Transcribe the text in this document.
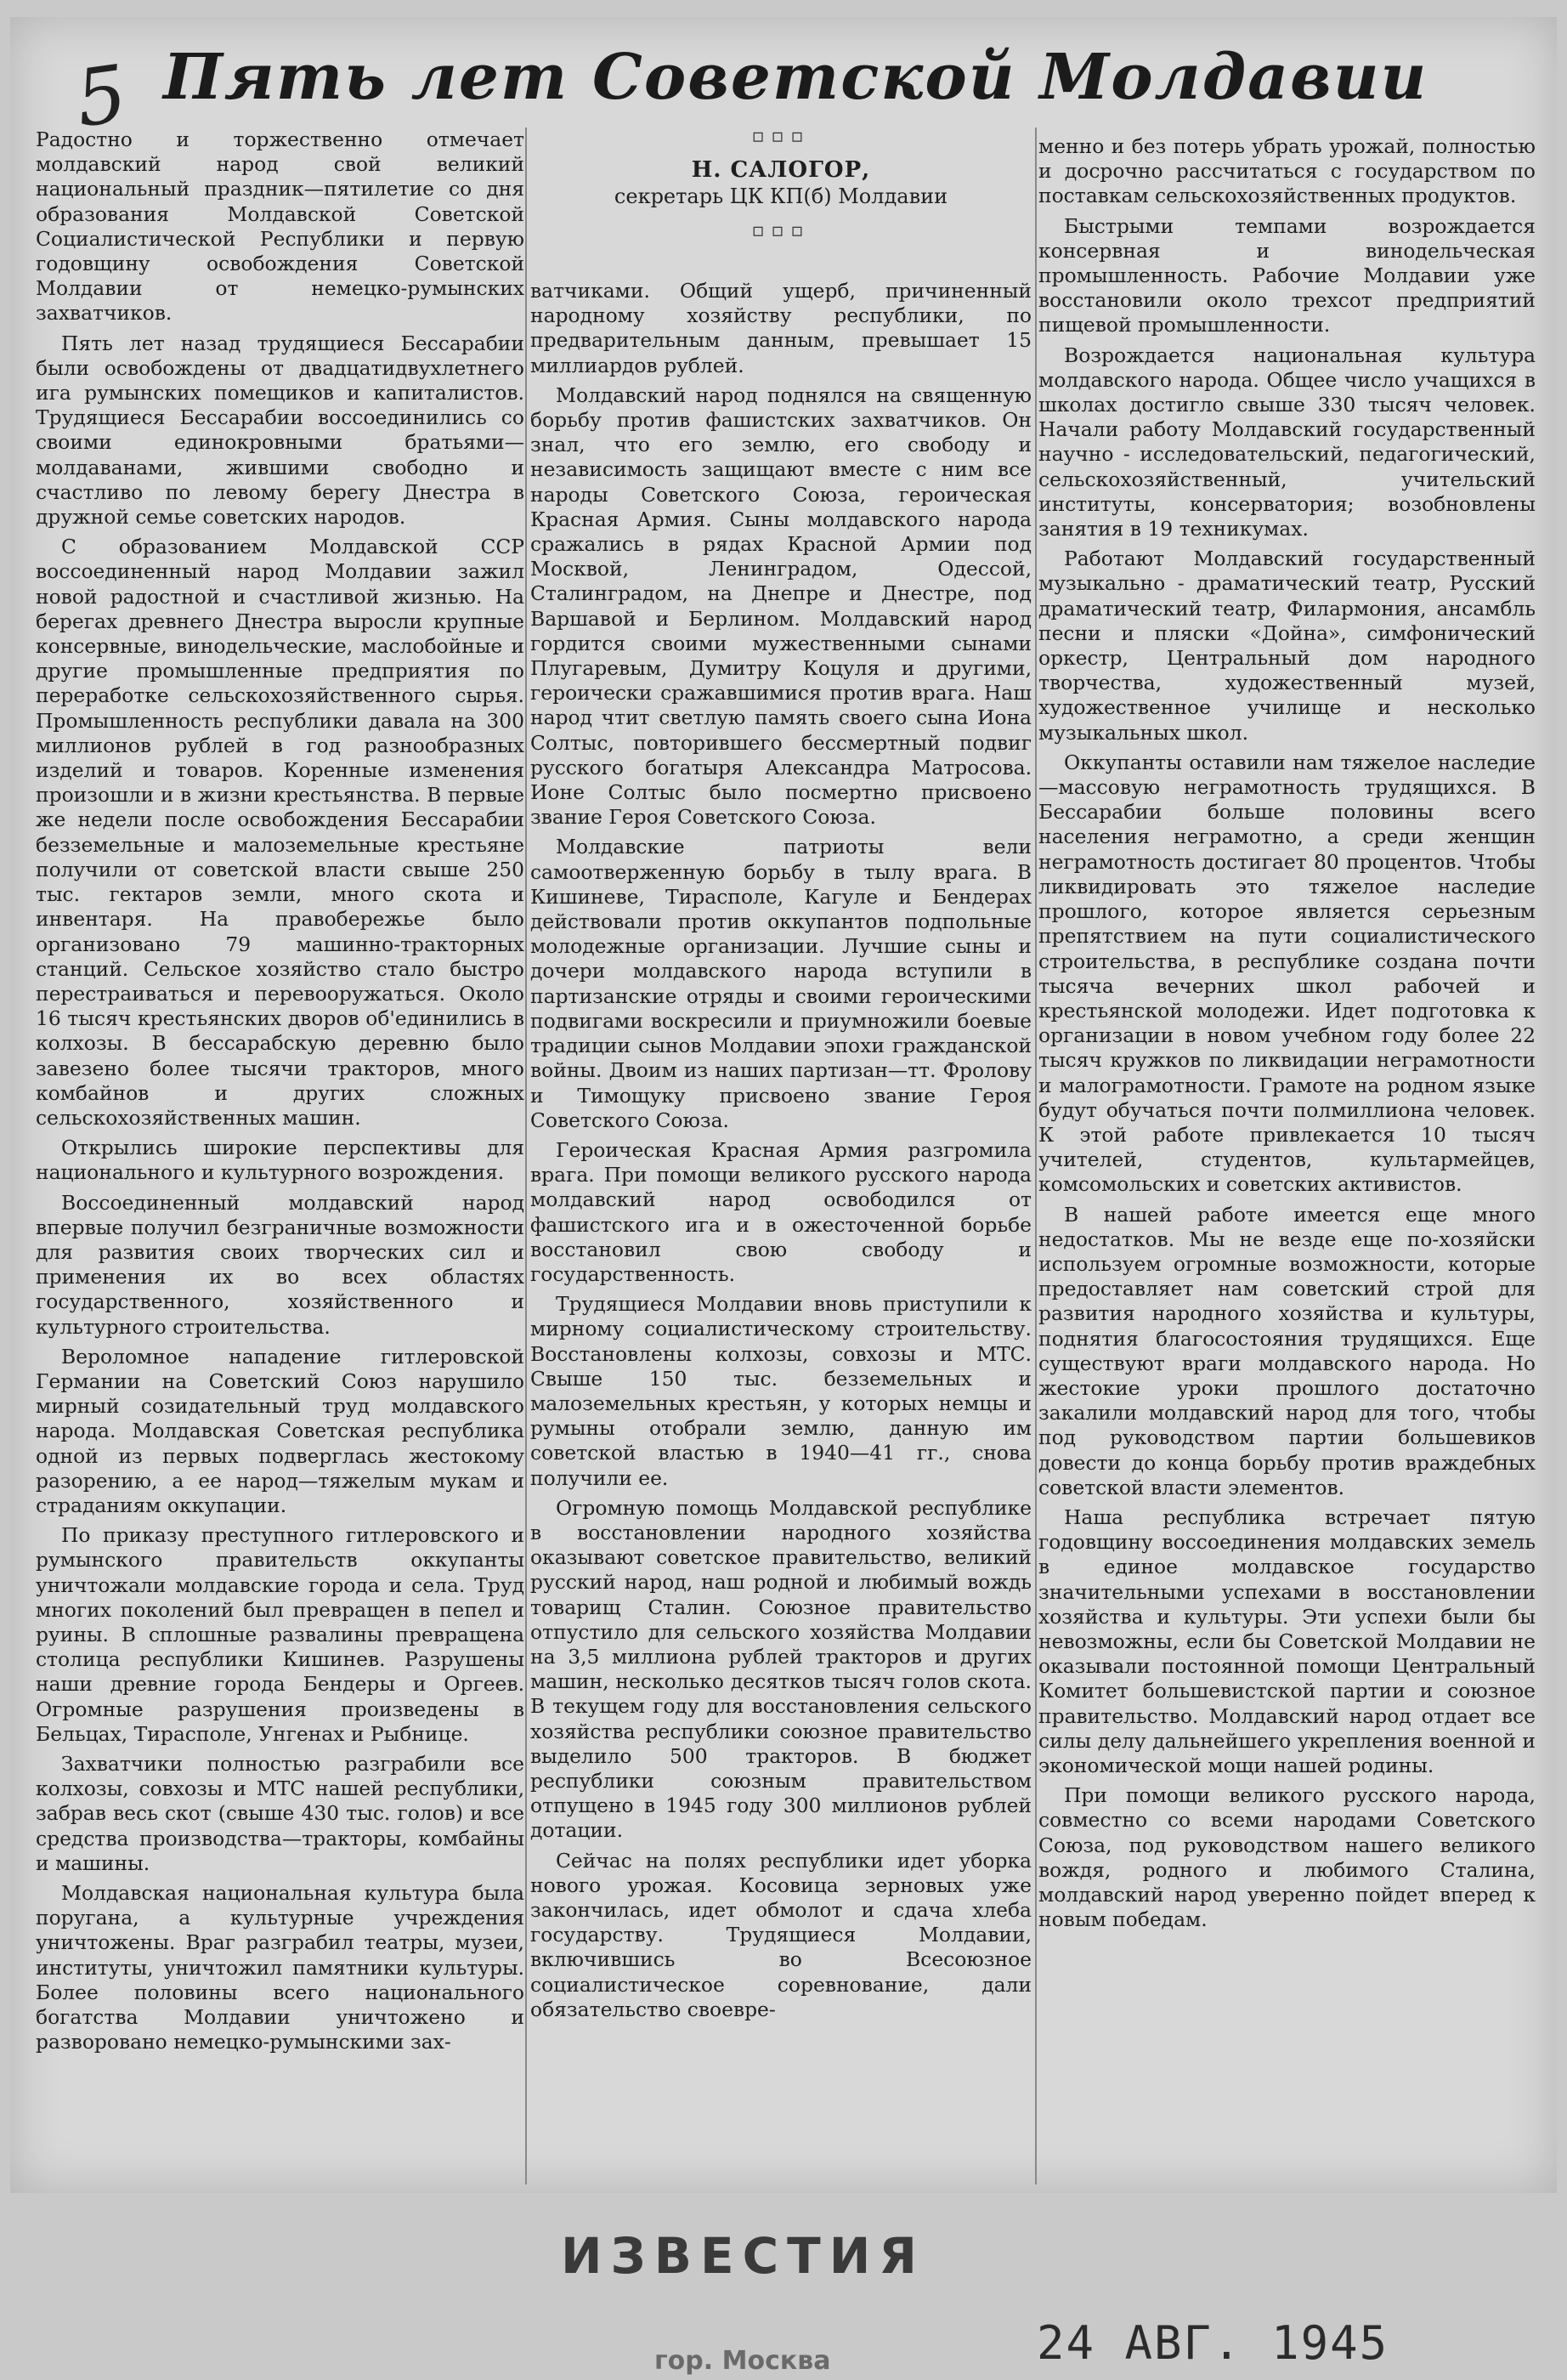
5 Пять лет Советской Молдавии

Радостно и торжественно отмечает молдавский народ свой великий национальный праздник—пятилетие со дня образования Молдавской Советской Социалистической Республики и первую годовщину освобождения Советской Молдавии от немецко-румынских захватчиков.

Пять лет назад трудящиеся Бессарабии были освобождены от двадцатидвухлетнего ига румынских помещиков и капиталистов. Трудящиеся Бессарабии воссоединились со своими единокровными братьями—молдаванами, жившими свободно и счастливо по левому берегу Днестра в дружной семье советских народов.

С образованием Молдавской ССР воссоединенный народ Молдавии зажил новой радостной и счастливой жизнью. На берегах древнего Днестра выросли крупные консервные, винодельческие, маслобойные и другие промышленные предприятия по переработке сельскохозяйственного сырья. Промышленность республики давала на 300 миллионов рублей в год разнообразных изделий и товаров. Коренные изменения произошли и в жизни крестьянства. В первые же недели после освобождения Бессарабии безземельные и малоземельные крестьяне получили от советской власти свыше 250 тыс. гектаров земли, много скота и инвентаря. На правобережье было организовано 79 машинно-тракторных станций. Сельское хозяйство стало быстро перестраиваться и перевооружаться. Около 16 тысяч крестьянских дворов об'единились в колхозы. В бессарабскую деревню было завезено более тысячи тракторов, много комбайнов и других сложных сельскохозяйственных машин.

Открылись широкие перспективы для национального и культурного возрождения.

Воссоединенный молдавский народ впервые получил безграничные возможности для развития своих творческих сил и применения их во всех областях государственного, хозяйственного и культурного строительства.

Вероломное нападение гитлеровской Германии на Советский Союз нарушило мирный созидательный труд молдавского народа. Молдавская Советская республика одной из первых подверглась жестокому разорению, а ее народ—тяжелым мукам и страданиям оккупации.

По приказу преступного гитлеровского и румынского правительств оккупанты уничтожали молдавские города и села. Труд многих поколений был превращен в пепел и руины. В сплошные развалины превращена столица республики Кишинев. Разрушены наши древние города Бендеры и Оргеев. Огромные разрушения произведены в Бельцах, Тирасполе, Унгенах и Рыбнице.

Захватчики полностью разграбили все колхозы, совхозы и МТС нашей республики, забрав весь скот (свыше 430 тыс. голов) и все средства производства—тракторы, комбайны и машины.

Молдавская национальная культура была поругана, а культурные учреждения уничтожены. Враг разграбил театры, музеи, институты, уничтожил памятники культуры. Более половины всего национального богатства Молдавии уничтожено и разворовано немецко-румынскими зах-

▫▫▫
Н. САЛОГОР,
секретарь ЦК КП(б) Молдавии
▫▫▫

ватчиками. Общий ущерб, причиненный народному хозяйству республики, по предварительным данным, превышает 15 миллиардов рублей.

Молдавский народ поднялся на священную борьбу против фашистских захватчиков. Он знал, что его землю, его свободу и независимость защищают вместе с ним все народы Советского Союза, героическая Красная Армия. Сыны молдавского народа сражались в рядах Красной Армии под Москвой, Ленинградом, Одессой, Сталинградом, на Днепре и Днестре, под Варшавой и Берлином. Молдавский народ гордится своими мужественными сынами Плугаревым, Думитру Коцуля и другими, героически сражавшимися против врага. Наш народ чтит светлую память своего сына Иона Солтыс, повторившего бессмертный подвиг русского богатыря Александра Матросова. Ионе Солтыс было посмертно присвоено звание Героя Советского Союза.

Молдавские патриоты вели самоотверженную борьбу в тылу врага. В Кишиневе, Тирасполе, Кагуле и Бендерах действовали против оккупантов подпольные молодежные организации. Лучшие сыны и дочери молдавского народа вступили в партизанские отряды и своими героическими подвигами воскресили и приумножили боевые традиции сынов Молдавии эпохи гражданской войны. Двоим из наших партизан—тт. Фролову и Тимощуку присвоено звание Героя Советского Союза.

Героическая Красная Армия разгромила врага. При помощи великого русского народа молдавский народ освободился от фашистского ига и в ожесточенной борьбе восстановил свою свободу и государственность.

Трудящиеся Молдавии вновь приступили к мирному социалистическому строительству. Восстановлены колхозы, совхозы и МТС. Свыше 150 тыс. безземельных и малоземельных крестьян, у которых немцы и румыны отобрали землю, данную им советской властью в 1940—41 гг., снова получили ее.

Огромную помощь Молдавской республике в восстановлении народного хозяйства оказывают советское правительство, великий русский народ, наш родной и любимый вождь товарищ Сталин. Союзное правительство отпустило для сельского хозяйства Молдавии на 3,5 миллиона рублей тракторов и других машин, несколько десятков тысяч голов скота. В текущем году для восстановления сельского хозяйства республики союзное правительство выделило 500 тракторов. В бюджет республики союзным правительством отпущено в 1945 году 300 миллионов рублей дотации.

Сейчас на полях республики идет уборка нового урожая. Косовица зерновых уже закончилась, идет обмолот и сдача хлеба государству. Трудящиеся Молдавии, включившись во Всесоюзное социалистическое соревнование, дали обязательство своевре-

менно и без потерь убрать урожай, полностью и досрочно рассчитаться с государством по поставкам сельскохозяйственных продуктов.

Быстрыми темпами возрождается консервная и винодельческая промышленность. Рабочие Молдавии уже восстановили около трехсот предприятий пищевой промышленности.

Возрождается национальная культура молдавского народа. Общее число учащихся в школах достигло свыше 330 тысяч человек. Начали работу Молдавский государственный научно - исследовательский, педагогический, сельскохозяйственный, учительский институты, консерватория; возобновлены занятия в 19 техникумах.

Работают Молдавский государственный музыкально - драматический театр, Русский драматический театр, Филармония, ансамбль песни и пляски «Дойна», симфонический оркестр, Центральный дом народного творчества, художественный музей, художественное училище и несколько музыкальных школ.

Оккупанты оставили нам тяжелое наследие —массовую неграмотность трудящихся. В Бессарабии больше половины всего населения неграмотно, а среди женщин неграмотность достигает 80 процентов. Чтобы ликвидировать это тяжелое наследие прошлого, которое является серьезным препятствием на пути социалистического строительства, в республике создана почти тысяча вечерних школ рабочей и крестьянской молодежи. Идет подготовка к организации в новом учебном году более 22 тысяч кружков по ликвидации неграмотности и малограмотности. Грамоте на родном языке будут обучаться почти полмиллиона человек. К этой работе привлекается 10 тысяч учителей, студентов, культармейцев, комсомольских и советских активистов.

В нашей работе имеется еще много недостатков. Мы не везде еще по-хозяйски используем огромные возможности, которые предоставляет нам советский строй для развития народного хозяйства и культуры, поднятия благосостояния трудящихся. Еще существуют враги молдавского народа. Но жестокие уроки прошлого достаточно закалили молдавский народ для того, чтобы под руководством партии большевиков довести до конца борьбу против враждебных советской власти элементов.

Наша республика встречает пятую годовщину воссоединения молдавских земель в единое молдавское государство значительными успехами в восстановлении хозяйства и культуры. Эти успехи были бы невозможны, если бы Советской Молдавии не оказывали постоянной помощи Центральный Комитет большевистской партии и союзное правительство. Молдавский народ отдает все силы делу дальнейшего укрепления военной и экономической мощи нашей родины.

При помощи великого русского народа, совместно со всеми народами Советского Союза, под руководством нашего великого вождя, родного и любимого Сталина, молдавский народ уверенно пойдет вперед к новым победам.

ИЗВЕСТИЯ
гор. Москва	24 АВГ. 1945
